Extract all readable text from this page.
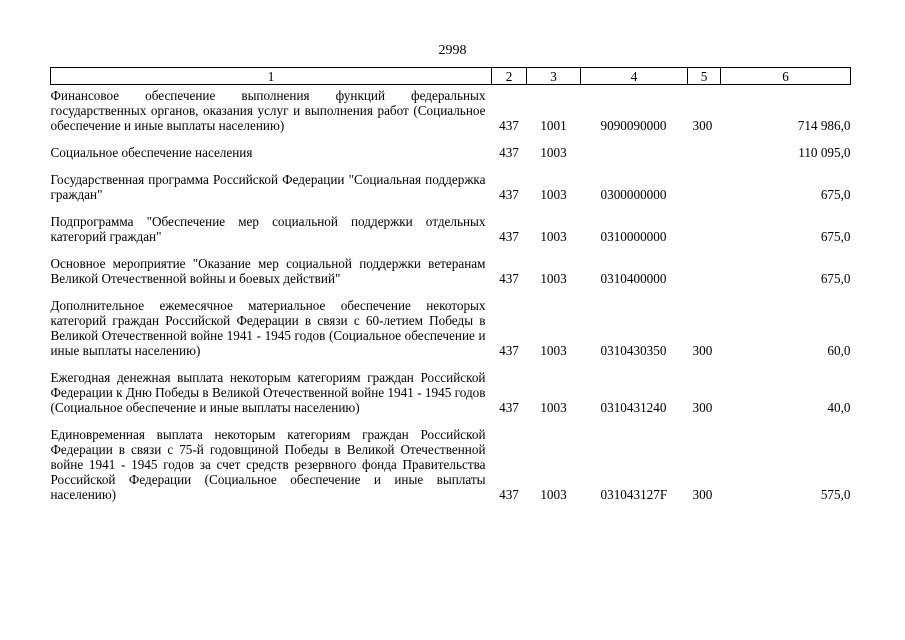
2998
1	2	3	4	5	6
Финансовое обеспечение выполнения функций федеральных государственных органов, оказания услуг и выполнения работ (Социальное обеспечение и иные выплаты населению)	437	1001	9090090000	300	714 986,0
Социальное обеспечение населения	437	1003			110 095,0
Государственная программа Российской Федерации "Социальная поддержка граждан"	437	1003	0300000000		675,0
Подпрограмма "Обеспечение мер социальной поддержки отдельных категорий граждан"	437	1003	0310000000		675,0
Основное мероприятие "Оказание мер социальной поддержки ветеранам Великой Отечественной войны и боевых действий"	437	1003	0310400000		675,0
Дополнительное ежемесячное материальное обеспечение некоторых категорий граждан Российской Федерации в связи с 60-летием Победы в Великой Отечественной войне 1941 - 1945 годов (Социальное обеспечение и иные выплаты населению)	437	1003	0310430350	300	60,0
Ежегодная денежная выплата некоторым категориям граждан Российской Федерации к Дню Победы в Великой Отечественной войне 1941 - 1945 годов (Социальное обеспечение и иные выплаты населению)	437	1003	0310431240	300	40,0
Единовременная выплата некоторым категориям граждан Российской Федерации в связи с 75-й годовщиной Победы в Великой Отечественной войне 1941 - 1945 годов за счет средств резервного фонда Правительства Российской Федерации (Социальное обеспечение и иные выплаты населению)	437	1003	031043127F	300	575,0
